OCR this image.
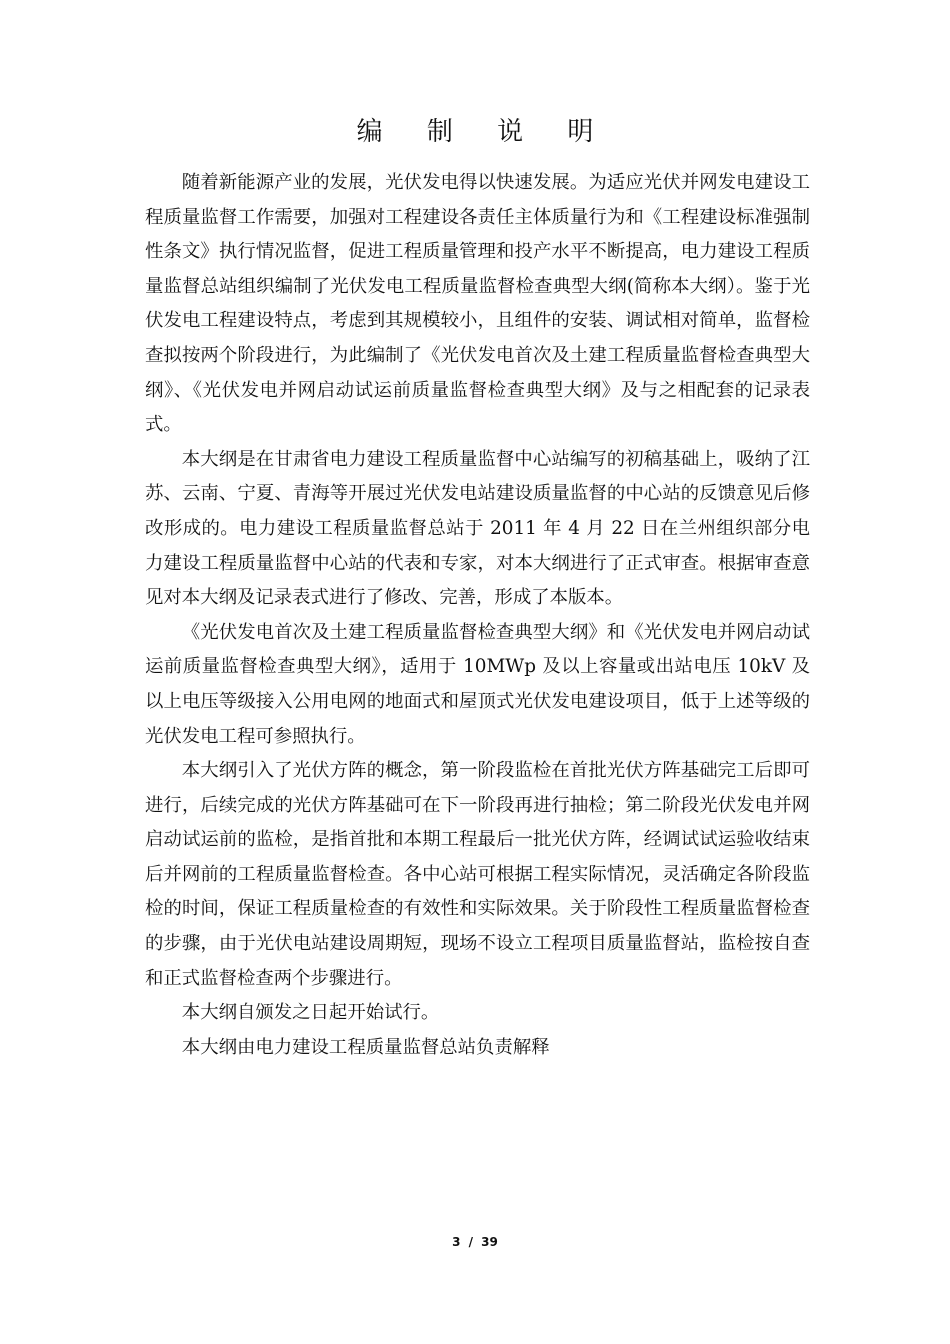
编 制 说 明

随着新能源产业的发展，光伏发电得以快速发展。为适应光伏并网发电建设工程质量监督工作需要，加强对工程建设各责任主体质量行为和《工程建设标准强制性条文》执行情况监督，促进工程质量管理和投产水平不断提高，电力建设工程质量监督总站组织编制了光伏发电工程质量监督检查典型大纲(简称本大纲）。鉴于光伏发电工程建设特点，考虑到其规模较小，且组件的安装、调试相对简单，监督检查拟按两个阶段进行，为此编制了《光伏发电首次及土建工程质量监督检查典型大纲》、《光伏发电并网启动试运前质量监督检查典型大纲》及与之相配套的记录表式。

本大纲是在甘肃省电力建设工程质量监督中心站编写的初稿基础上，吸纳了江苏、云南、宁夏、青海等开展过光伏发电站建设质量监督的中心站的反馈意见后修改形成的。电力建设工程质量监督总站于 2011 年 4 月 22 日在兰州组织部分电力建设工程质量监督中心站的代表和专家，对本大纲进行了正式审查。根据审查意见对本大纲及记录表式进行了修改、完善，形成了本版本。

《光伏发电首次及土建工程质量监督检查典型大纲》和《光伏发电并网启动试运前质量监督检查典型大纲》，适用于 10MWp 及以上容量或出站电压 10kV 及以上电压等级接入公用电网的地面式和屋顶式光伏发电建设项目，低于上述等级的光伏发电工程可参照执行。

本大纲引入了光伏方阵的概念，第一阶段监检在首批光伏方阵基础完工后即可进行，后续完成的光伏方阵基础可在下一阶段再进行抽检；第二阶段光伏发电并网启动试运前的监检，是指首批和本期工程最后一批光伏方阵，经调试试运验收结束后并网前的工程质量监督检查。各中心站可根据工程实际情况，灵活确定各阶段监检的时间，保证工程质量检查的有效性和实际效果。关于阶段性工程质量监督检查的步骤，由于光伏电站建设周期短，现场不设立工程项目质量监督站，监检按自查和正式监督检查两个步骤进行。

本大纲自颁发之日起开始试行。

本大纲由电力建设工程质量监督总站负责解释

3 / 39
